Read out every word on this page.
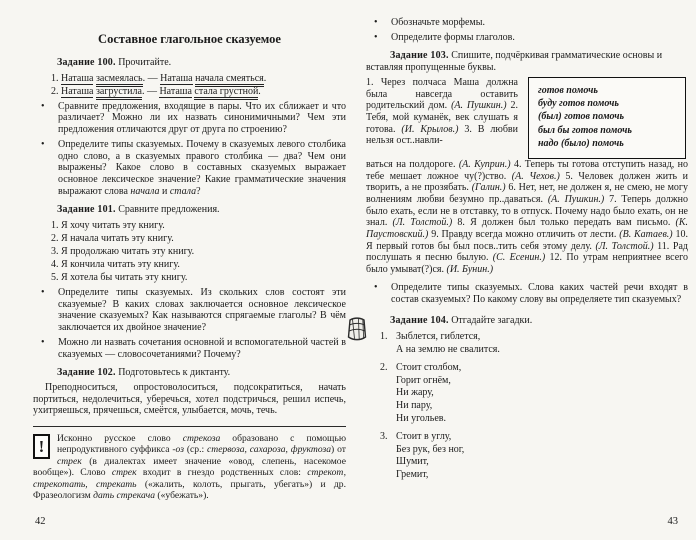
Составное глагольное сказуемое

Задание 100. Прочитайте.

1. Наташа засмеялась. — Наташа начала смеяться.
2. Наташа загрустила. — Наташа стала грустной.
•	Сравните предложения, входящие в пары. Что их сближает и что различает? Можно ли их назвать синонимичными? Чем эти предложения отличаются друг от друга по строению?
•	Определите типы сказуемых. Почему в сказуемых левого столбика одно слово, а в сказуемых правого столбика — два? Чем они выражены? Какое слово в составных сказуемых выражает основное лексическое значение? Какие грамматические значения выражают слова начала и стала?

Задание 101. Сравните предложения.

1. Я хочу читать эту книгу.
2. Я начала читать эту книгу.
3. Я продолжаю читать эту книгу.
4. Я кончила читать эту книгу.
5. Я хотела бы читать эту книгу.
•	Определите типы сказуемых. Из скольких слов состоят эти сказуемые? В каких словах заключается основное лексическое значение сказуемых? Как называются спрягаемые глаголы? В чём заключается их двойное значение?
•	Можно ли назвать сочетания основной и вспомогательной частей в сказуемых — словосочетаниями? Почему?

Задание 102. Подготовьтесь к диктанту.

Преподноситься, опростоволоситься, подсократиться, начать портиться, недолечиться, уберечься, хотел подстричься, решил испечь, ухитряешься, прячешься, смеётся, улыбается, мочь, течь.

!	Исконно русское слово стрекоза образовано с помощью непродуктивного суффикса -оз (ср.: стервоза, сахароза, фруктоза) от стрек (в диалектах имеет значение «овод, слепень, насекомое вообще»). Слово стрек входит в гнездо родственных слов: стрекот, стрекотать, стрекать («жалить, колоть, прыгать, убегать») и др. Фразеологизм дать стрекача («убежать»).
42
•	Обозначьте морфемы.
•	Определите формы глаголов.

Задание 103. Спишите, подчёркивая грамматические основы и вставляя пропущенные буквы.

1. Через полчаса Маша должна была навсегда оставить родительский дом. (А. Пушкин.) 2. Тебя, мой куманёк, век слушать я готова. (И. Крылов.) 3. В любви нельзя ост..навли-
готов помочь
буду готов помочь
(был) готов помочь
был бы готов помочь
надо (было) помочь

ваться на полдороге. (А. Куприн.) 4. Теперь ты готова отступить назад, но тебе мешает ложное чу(?)ство. (А. Чехов.) 5. Человек должен жить и творить, а не прозябать. (Галин.) 6. Нет, нет, не должен я, не смею, не могу волнениям любви безумно пр..даваться. (А. Пушкин.) 7. Теперь должно было ехать, если не в отставку, то в отпуск. Почему надо было ехать, он не знал. (Л. Толстой.) 8. Я должен был только передать вам письмо. (К. Паустовский.) 9. Правду всегда можно отличить от лести. (В. Катаев.) 10. Я первый готов бы был посв..тить себя этому делу. (Л. Толстой.) 11. Рад послушать я песню былую. (С. Есенин.) 12. По утрам неприятнее всего было умыват(?)ся. (И. Бунин.)

•	Определите типы сказуемых. Слова каких частей речи входят в состав сказуемых? По какому слову вы определяете тип сказуемых?

Задание 104. Отгадайте загадки.

1. Зыблется, гиблется,
А на землю не свалится.
2. Стоит столбом,
Горит огнём,
Ни жару,
Ни пару,
Ни угольев.
3. Стоит в углу,
Без рук, без ног,
Шумит,
Гремит,
43
